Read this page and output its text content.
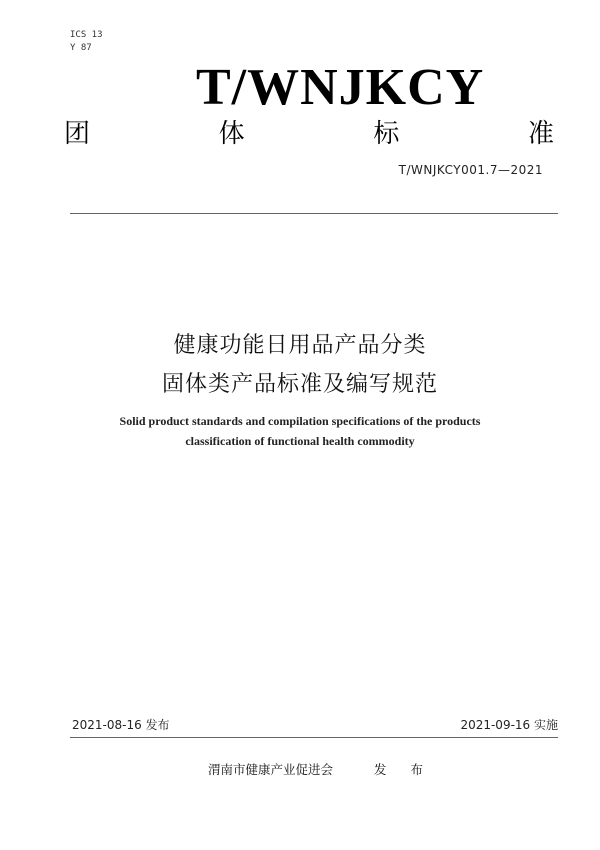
ICS 13
Y 87
T/WNJKCY
团	体	标	准
T/WNJKCY001.7—2021
健康功能日用品产品分类
固体类产品标准及编写规范
Solid product standards and compilation specifications of the products
classification of functional health commodity
2021-08-16 发布	2021-09-16 实施
渭南市健康产业促进会	发 布
